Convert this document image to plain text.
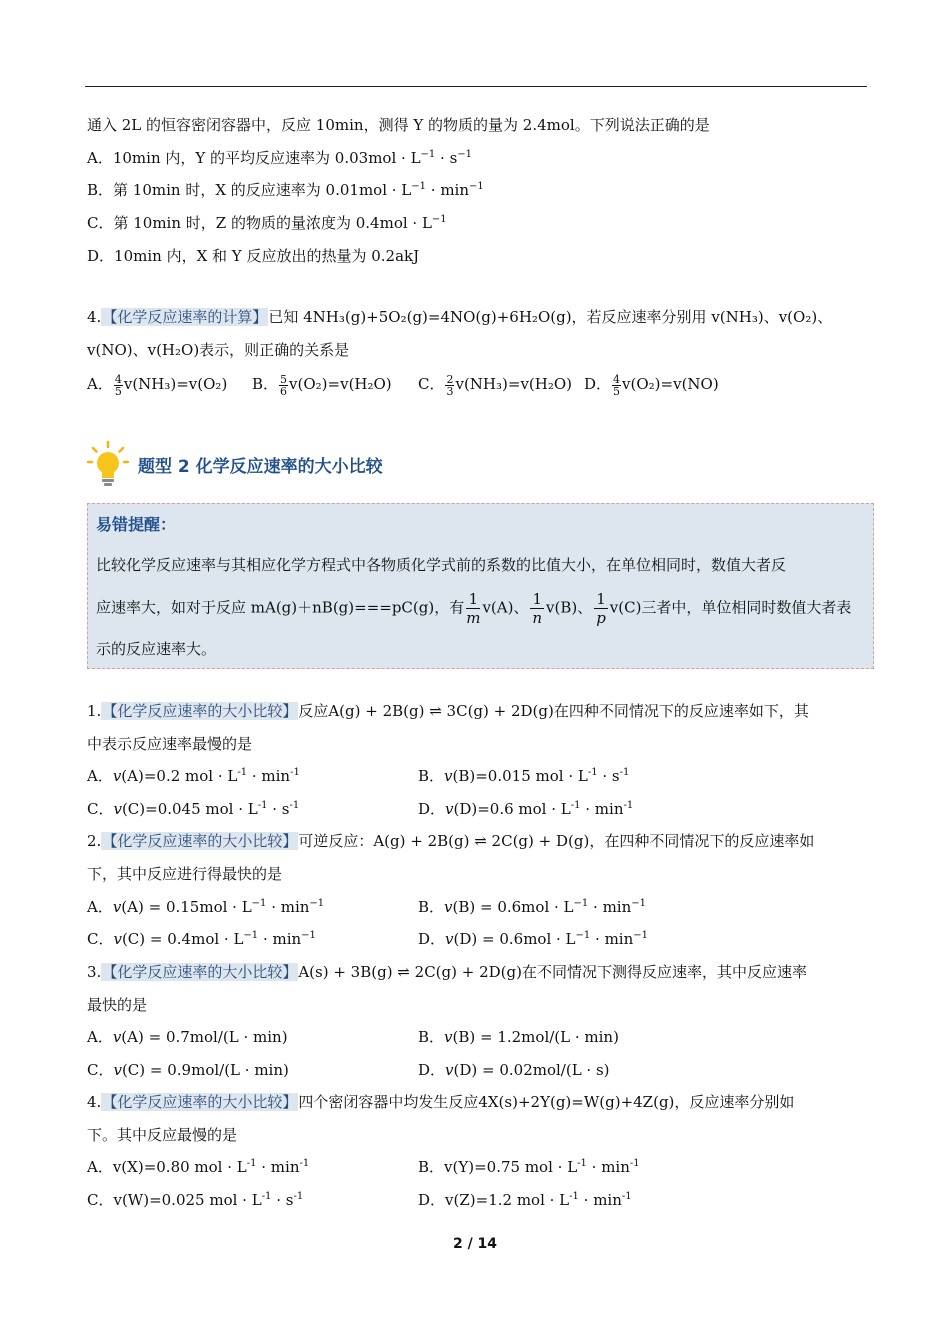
通入 2L 的恒容密闭容器中，反应 10min，测得 Y 的物质的量为 2.4mol。下列说法正确的是
A．10min 内，Y 的平均反应速率为 $0.03mol \cdot L^{-1} \cdot s^{-1}$
B．第 10min 时，X 的反应速率为 $0.01mol \cdot L^{-1} \cdot \min^{-1}$
C．第 10min 时，Z 的物质的量浓度为 $0.4mol \cdot L^{-1}$
D．10min 内，X 和 Y 反应放出的热量为 0.2akJ
4.【化学反应速率的计算】已知 4NH₃(g)+5O₂(g)=4NO(g)+6H₂O(g)，若反应速率分别用 v(NH₃)、v(O₂)、
v(NO)、v(H₂O)表示，则正确的关系是
A． $\frac{4}{5} v(NH_3)=v(O_2)$ B． $\frac{5}{6} v(O_2)=v(H_2O)$ C． $\frac{2}{3} v(NH_3)=v(H_2O)$ D． $\frac{4}{5} v(O_2)=v(NO)$
题型 2 化学反应速率的大小比较
易错提醒：
比较化学反应速率与其相应化学方程式中各物质化学式前的系数的比值大小，在单位相同时，数值大者反
应速率大，如对于反应 mA(g)＋nB(g)===pC(g)，有 $\frac{1}{m} v(A)$、 $\frac{1}{n} v(B)$、 $\frac{1}{p} v(C)$三者中，单位相同时数值大者表
示的反应速率大。
1.【化学反应速率的大小比较】反应A(g) + 2B(g) ⇌ 3C(g) + 2D(g)在四种不同情况下的反应速率如下，其
中表示反应速率最慢的是
A．𝑣(A)=0.2 mol · $L^{-1} \cdot \min^{-1}$	B．𝑣(B)=0.015 mol · $L^{-1} \cdot s^{-1}$
C．𝑣(C)=0.045 mol · $L^{-1} \cdot s^{-1}$	D．𝑣(D)=0.6 mol · $L^{-1} \cdot \min^{-1}$
2.【化学反应速率的大小比较】可逆反应：A(g) + 2B(g) ⇌ 2C(g) + D(g)，在四种不同情况下的反应速率如
下，其中反应进行得最快的是
A．𝑣(A) = $0.15mol \cdot L^{-1} \cdot \min^{-1}$	B．𝑣(B) = $0.6mol \cdot L^{-1} \cdot \min^{-1}$
C．𝑣(C) = $0.4mol \cdot L^{-1} \cdot \min^{-1}$	D．𝑣(D) = $0.6mol \cdot L^{-1} \cdot \min^{-1}$
3.【化学反应速率的大小比较】A(s) + 3B(g) ⇌ 2C(g) + 2D(g)在不同情况下测得反应速率，其中反应速率
最快的是
A．𝑣(A) = 0.7mol/(L · min)	B．𝑣(B) = 1.2mol/(L · min)
C．𝑣(C) = 0.9mol/(L · min)	D．𝑣(D) = 0.02mol/(L · s)
4.【化学反应速率的大小比较】四个密闭容器中均发生反应4X(s)+2Y(g)=W(g)+4Z(g)，反应速率分别如
下。其中反应最慢的是
A．v(X)=0.80 mol · $L^{-1} \cdot \min^{-1}$	B．v(Y)=0.75 mol · $L^{-1} \cdot \min^{-1}$
C．v(W)=0.025 mol · $L^{-1} \cdot s^{-1}$	D．v(Z)=1.2 mol · $L^{-1} \cdot \min^{-1}$
2 / 14
